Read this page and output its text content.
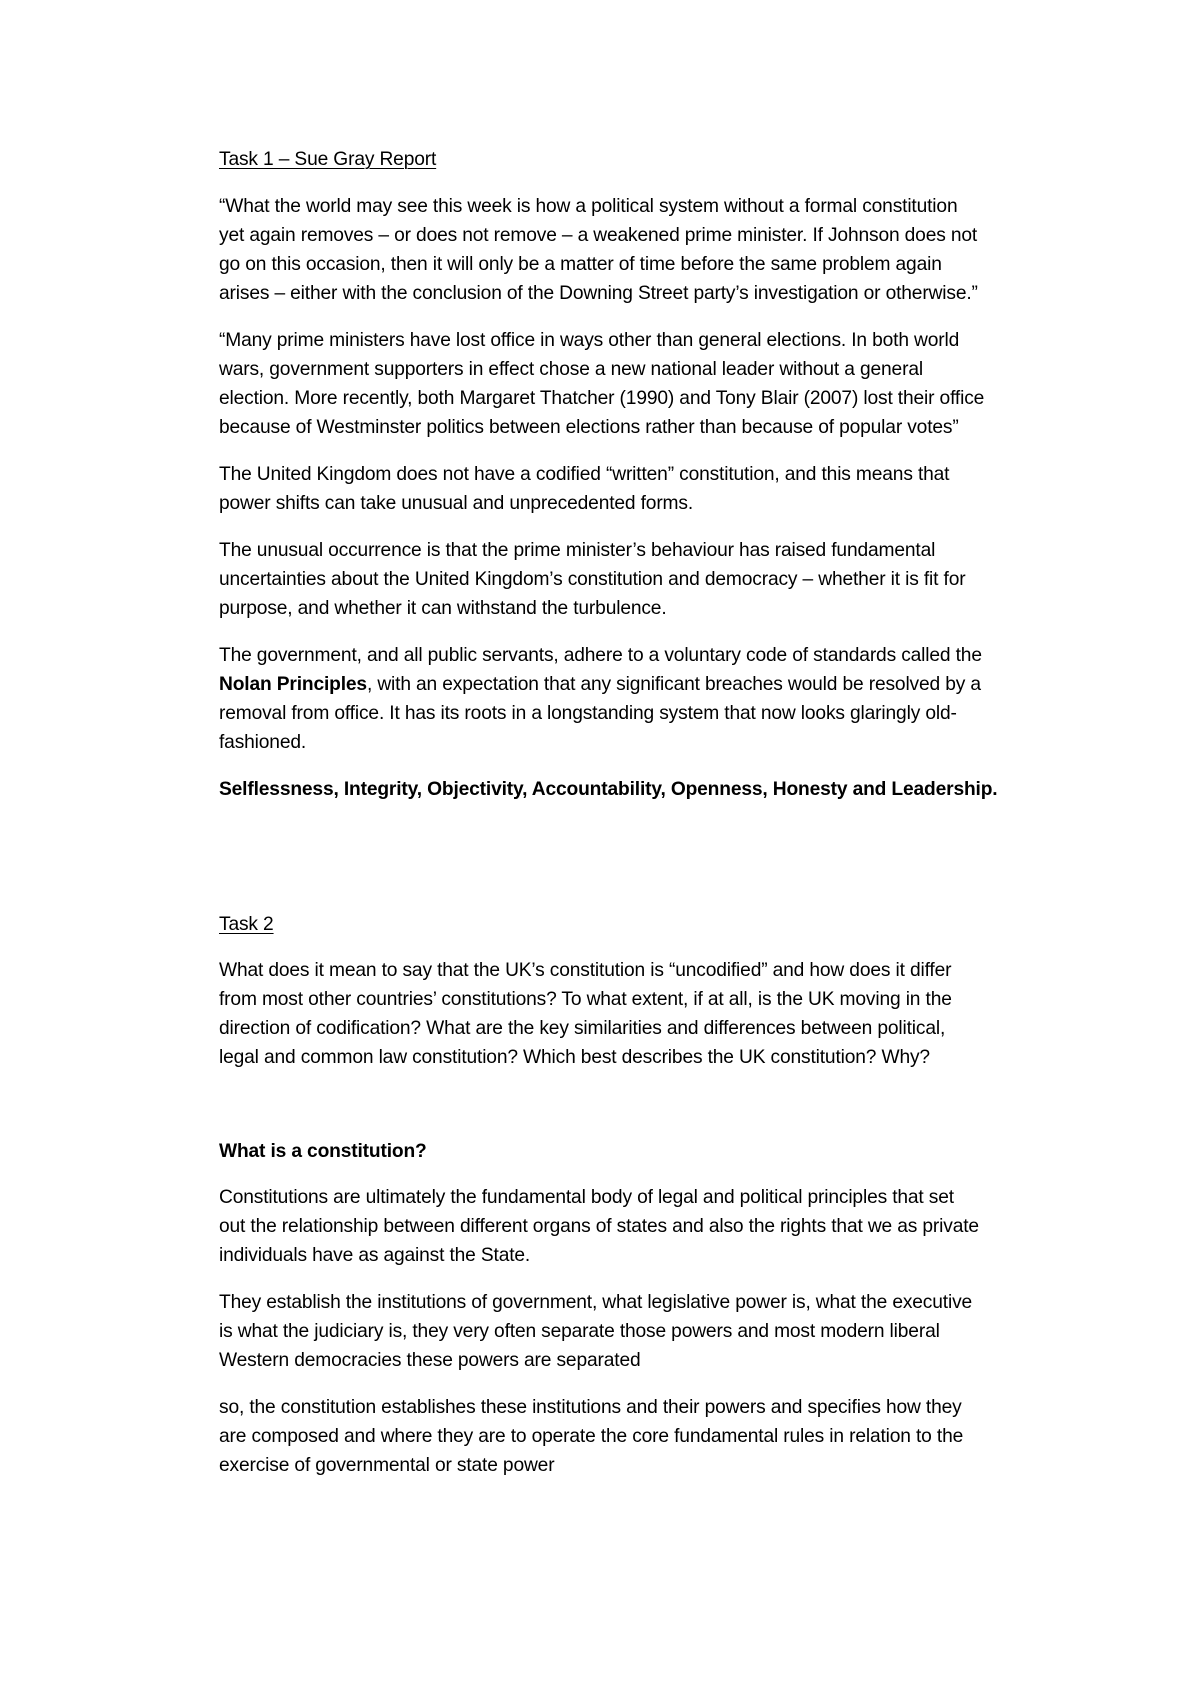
Task 1 – Sue Gray Report
“What the world may see this week is how a political system without a formal constitution
yet again removes – or does not remove – a weakened prime minister. If Johnson does not
go on this occasion, then it will only be a matter of time before the same problem again
arises – either with the conclusion of the Downing Street party’s investigation or otherwise.”
“Many prime ministers have lost office in ways other than general elections. In both world
wars, government supporters in effect chose a new national leader without a general
election. More recently, both Margaret Thatcher (1990) and Tony Blair (2007) lost their office
because of Westminster politics between elections rather than because of popular votes”
The United Kingdom does not have a codified “written” constitution, and this means that
power shifts can take unusual and unprecedented forms.
The unusual occurrence is that the prime minister’s behaviour has raised fundamental
uncertainties about the United Kingdom’s constitution and democracy – whether it is fit for
purpose, and whether it can withstand the turbulence.
The government, and all public servants, adhere to a voluntary code of standards called the
Nolan Principles, with an expectation that any significant breaches would be resolved by a
removal from office. It has its roots in a longstanding system that now looks glaringly old-
fashioned.
Selflessness, Integrity, Objectivity, Accountability, Openness, Honesty and Leadership.
Task 2
What does it mean to say that the UK’s constitution is “uncodified” and how does it differ
from most other countries’ constitutions? To what extent, if at all, is the UK moving in the
direction of codification? What are the key similarities and differences between political,
legal and common law constitution? Which best describes the UK constitution? Why?
What is a constitution?
Constitutions are ultimately the fundamental body of legal and political principles that set
out the relationship between different organs of states and also the rights that we as private
individuals have as against the State.
They establish the institutions of government, what legislative power is, what the executive
is what the judiciary is, they very often separate those powers and most modern liberal
Western democracies these powers are separated
so, the constitution establishes these institutions and their powers and specifies how they
are composed and where they are to operate the core fundamental rules in relation to the
exercise of governmental or state power
